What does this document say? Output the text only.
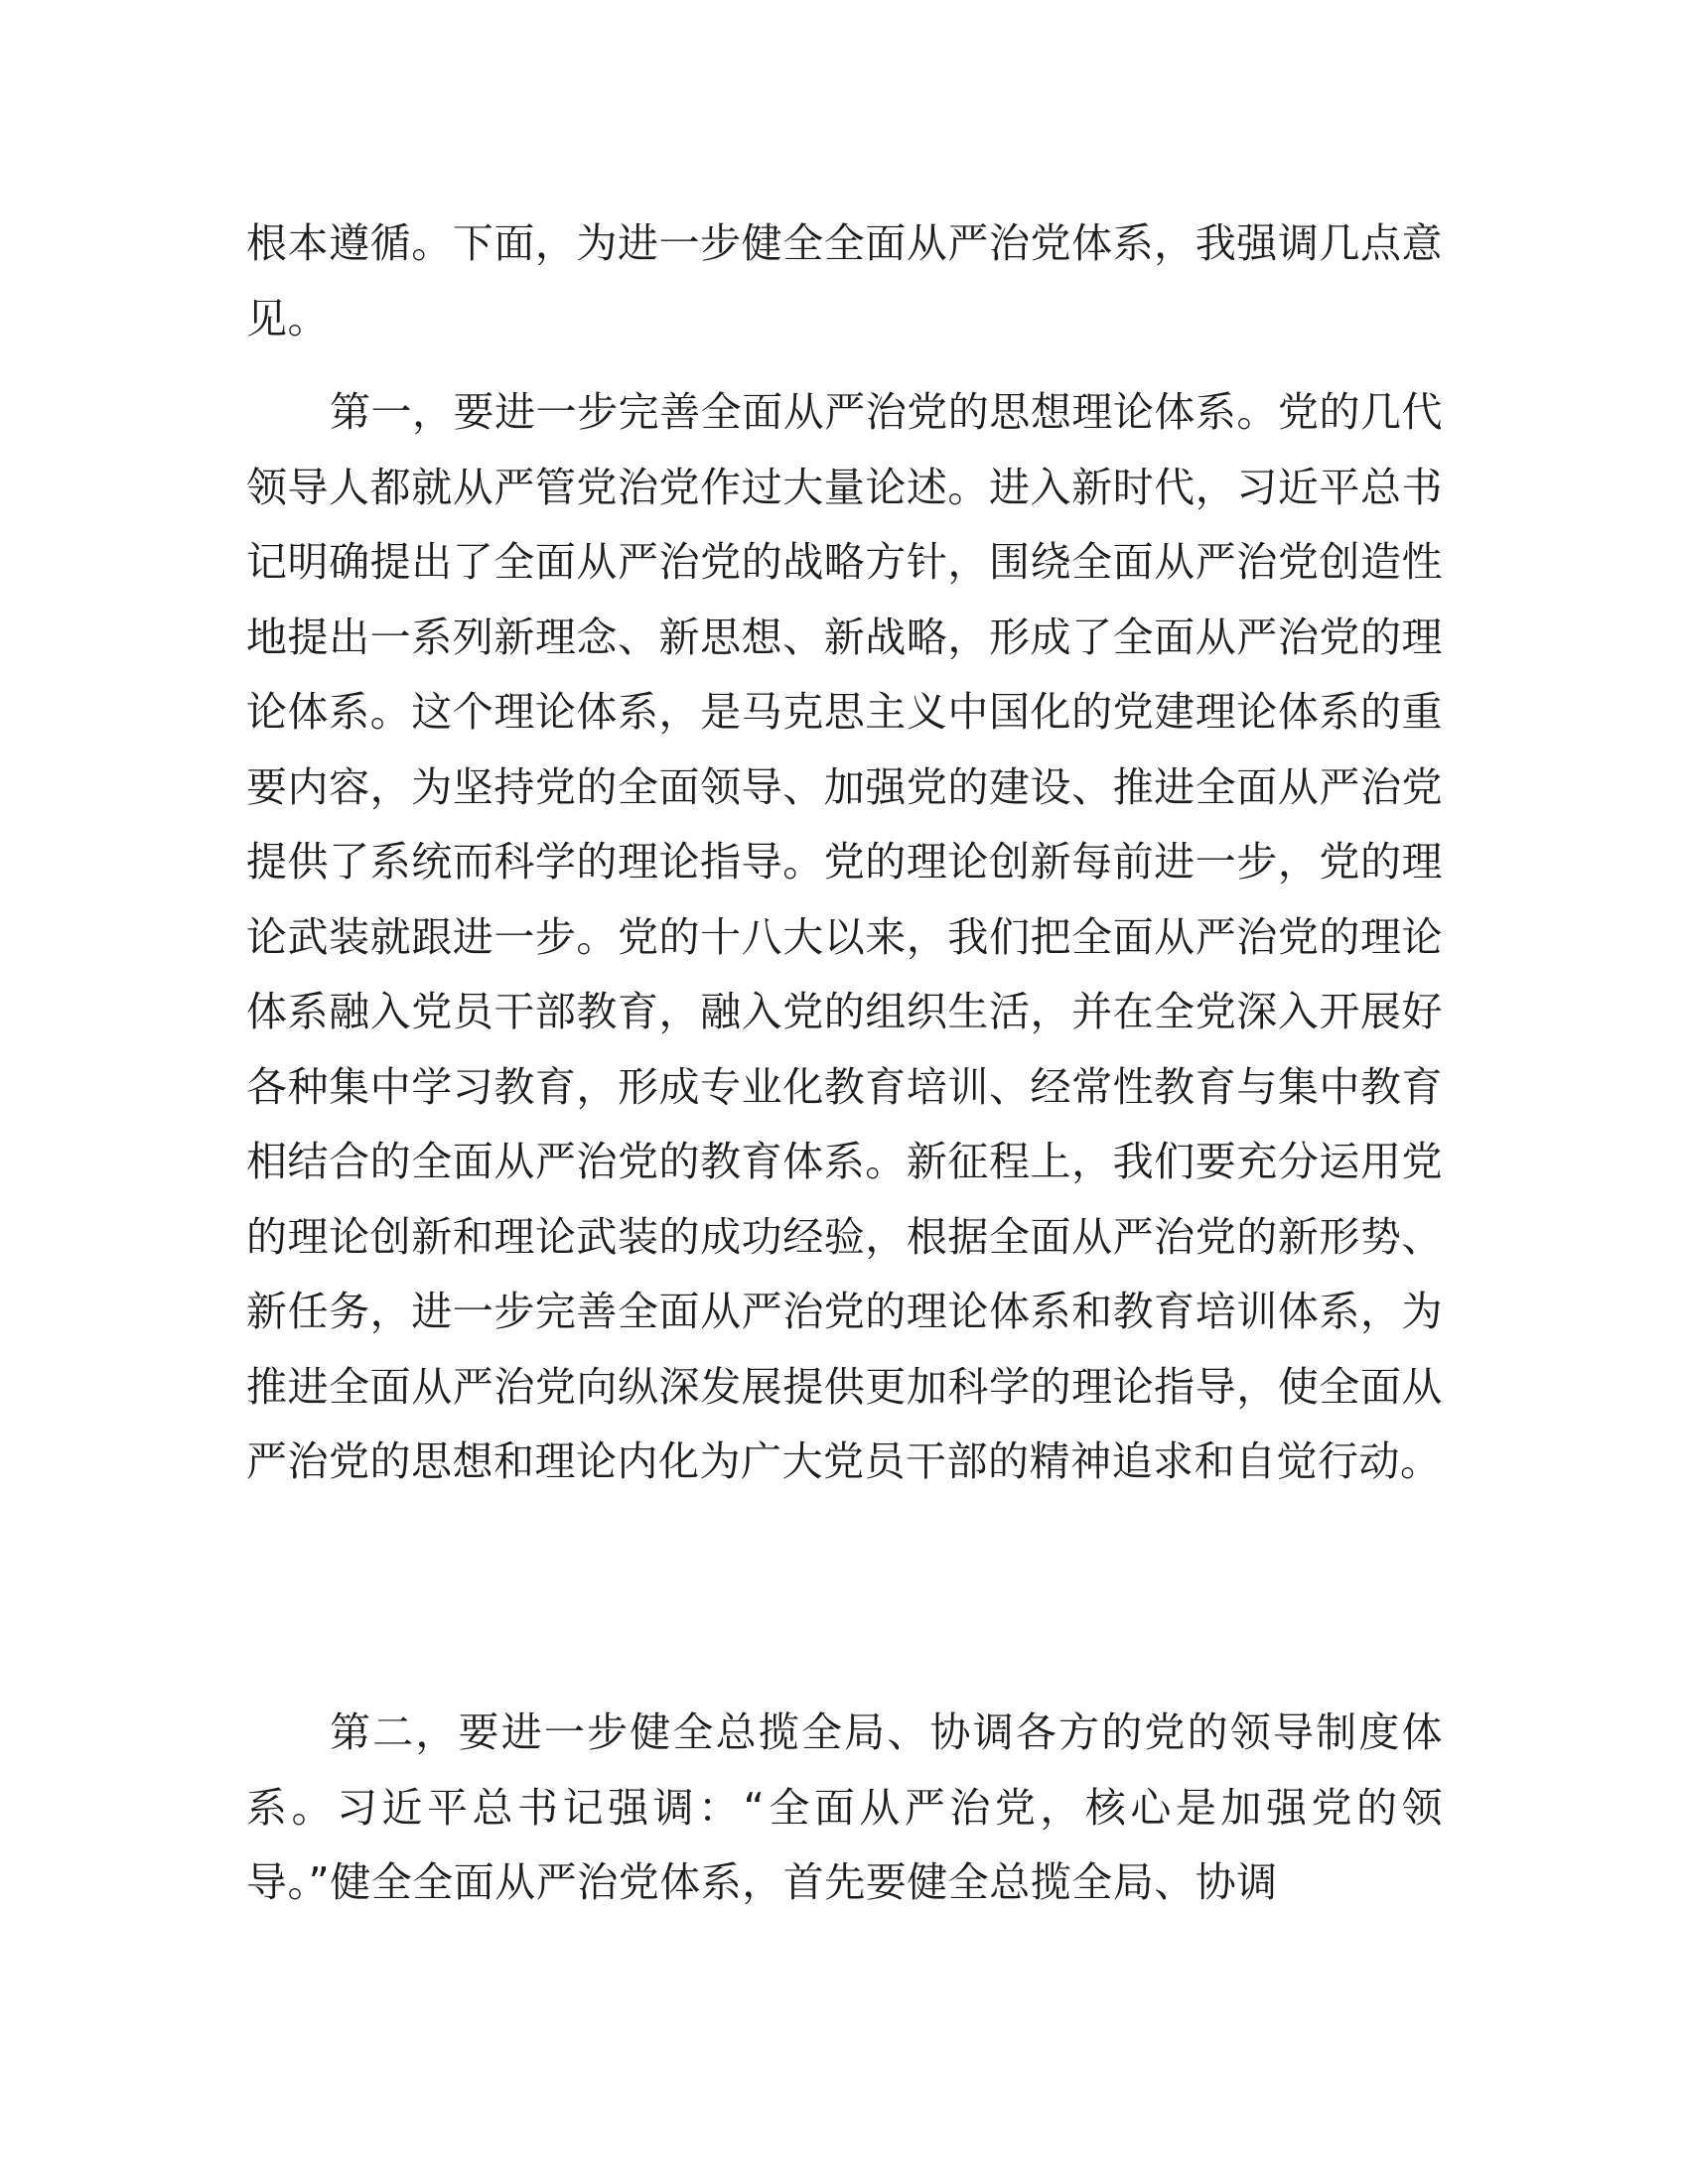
根本遵循。下面，为进一步健全全面从严治党体系，我强调几点意见。

第一，要进一步完善全面从严治党的思想理论体系。党的几代领导人都就从严管党治党作过大量论述。进入新时代，习近平总书记明确提出了全面从严治党的战略方针，围绕全面从严治党创造性地提出一系列新理念、新思想、新战略，形成了全面从严治党的理论体系。这个理论体系，是马克思主义中国化的党建理论体系的重要内容，为坚持党的全面领导、加强党的建设、推进全面从严治党提供了系统而科学的理论指导。党的理论创新每前进一步，党的理论武装就跟进一步。党的十八大以来，我们把全面从严治党的理论体系融入党员干部教育，融入党的组织生活，并在全党深入开展好各种集中学习教育，形成专业化教育培训、经常性教育与集中教育相结合的全面从严治党的教育体系。新征程上，我们要充分运用党的理论创新和理论武装的成功经验，根据全面从严治党的新形势、新任务，进一步完善全面从严治党的理论体系和教育培训体系，为推进全面从严治党向纵深发展提供更加科学的理论指导，使全面从严治党的思想和理论内化为广大党员干部的精神追求和自觉行动。

第二，要进一步健全总揽全局、协调各方的党的领导制度体系。习近平总书记强调：“全面从严治党，核心是加强党的领导。”健全全面从严治党体系，首先要健全总揽全局、协调
